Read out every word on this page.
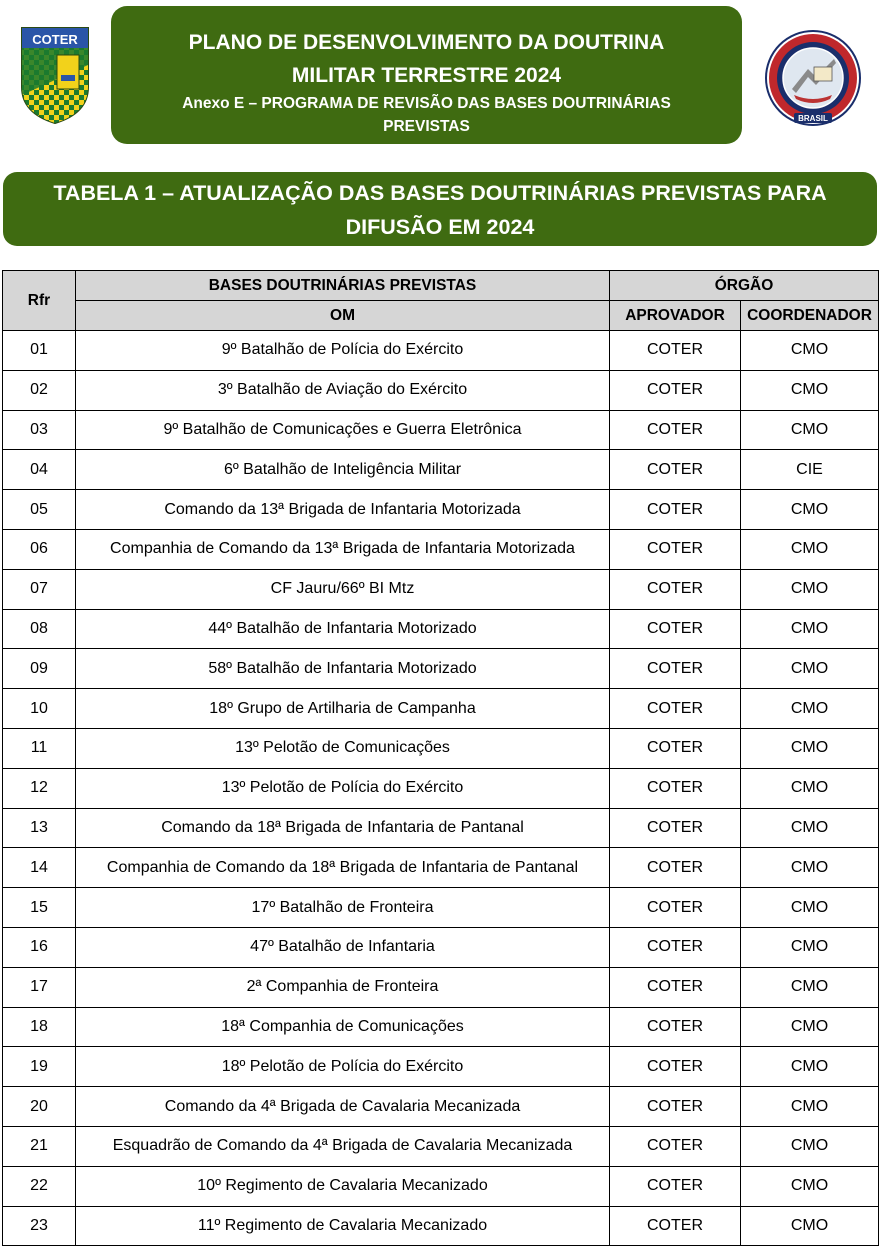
COTER	PLANO DE DESENVOLVIMENTO DA DOUTRINA
MILITAR TERRESTRE 2024
Anexo E – PROGRAMA DE REVISÃO DAS BASES DOUTRINÁRIAS
PREVISTAS	BRASIL
TABELA 1 – ATUALIZAÇÃO DAS BASES DOUTRINÁRIAS PREVISTAS PARA
DIFUSÃO EM 2024
Rfr	BASES DOUTRINÁRIAS PREVISTAS	ÓRGÃO	
	OM	APROVADOR	COORDENADOR
01	9º Batalhão de Polícia do Exército	COTER	CMO
02	3º Batalhão de Aviação do Exército	COTER	CMO
03	9º Batalhão de Comunicações e Guerra Eletrônica	COTER	CMO
04	6º Batalhão de Inteligência Militar	COTER	CIE
05	Comando da 13ª Brigada de Infantaria Motorizada	COTER	CMO
06	Companhia de Comando da 13ª Brigada de Infantaria Motorizada	COTER	CMO
07	CF Jauru/66º BI Mtz	COTER	CMO
08	44º Batalhão de Infantaria Motorizado	COTER	CMO
09	58º Batalhão de Infantaria Motorizado	COTER	CMO
10	18º Grupo de Artilharia de Campanha	COTER	CMO
11	13º Pelotão de Comunicações	COTER	CMO
12	13º Pelotão de Polícia do Exército	COTER	CMO
13	Comando da 18ª Brigada de Infantaria de Pantanal	COTER	CMO
14	Companhia de Comando da 18ª Brigada de Infantaria de Pantanal	COTER	CMO
15	17º Batalhão de Fronteira	COTER	CMO
16	47º Batalhão de Infantaria	COTER	CMO
17	2ª Companhia de Fronteira	COTER	CMO
18	18ª Companhia de Comunicações	COTER	CMO
19	18º Pelotão de Polícia do Exército	COTER	CMO
20	Comando da 4ª Brigada de Cavalaria Mecanizada	COTER	CMO
21	Esquadrão de Comando da 4ª Brigada de Cavalaria Mecanizada	COTER	CMO
22	10º Regimento de Cavalaria Mecanizado	COTER	CMO
23	11º Regimento de Cavalaria Mecanizado	COTER	CMO
